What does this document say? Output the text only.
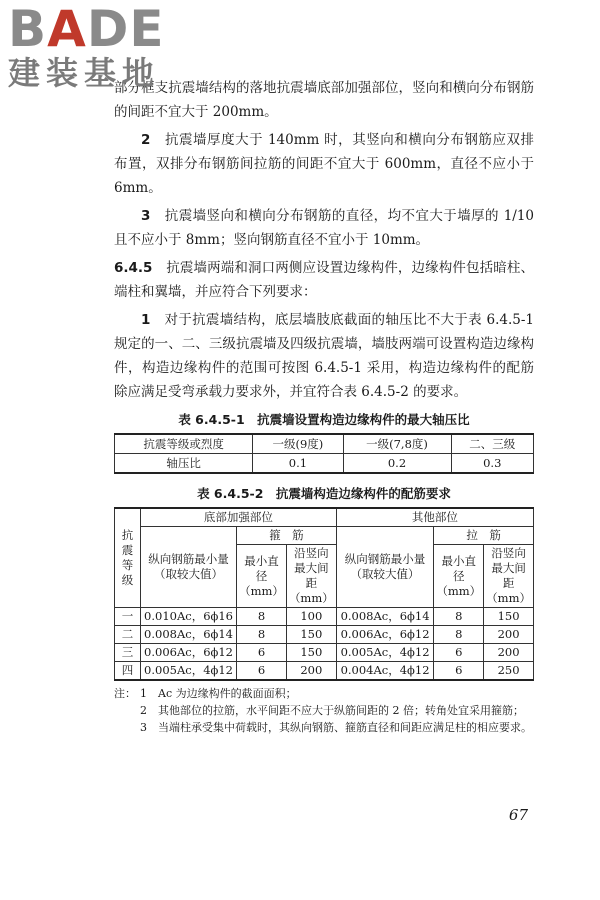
BADE
建装基地

部分框支抗震墙结构的落地抗震墙底部加强部位，竖向和横向分布钢筋的间距不宜大于 200mm。

2　 抗震墙厚度大于 140mm 时，其竖向和横向分布钢筋应双排布置，双排分布钢筋间拉筋的间距不宜大于 600mm，直径不应小于 6mm。

3　 抗震墙竖向和横向分布钢筋的直径，均不宜大于墙厚的 1/10 且不应小于 8mm；竖向钢筋直径不宜小于 10mm。

6.4.5　 抗震墙两端和洞口两侧应设置边缘构件，边缘构件包括暗柱、端柱和翼墙，并应符合下列要求：

1　 对于抗震墙结构，底层墙肢底截面的轴压比不大于表 6.4.5-1 规定的一、二、三级抗震墙及四级抗震墙，墙肢两端可设置构造边缘构件，构造边缘构件的范围可按图 6.4.5-1 采用，构造边缘构件的配筋除应满足受弯承载力要求外，并宜符合表 6.4.5-2 的要求。

表 6.4.5-1　抗震墙设置构造边缘构件的最大轴压比
抗震等级或烈度	一级(9度)	一级(7,8度)	二、三级
轴压比	0.1	0.2	0.3
表 6.4.5-2　抗震墙构造边缘构件的配筋要求
抗震等级	底部加强部位			其他部位		
	纵向钢筋最小量（取较大值）	箍　筋		纵向钢筋最小量（取较大值）	拉　筋	
		最小直径（mm）	沿竖向最大间距（mm）		最小直径（mm）	沿竖向最大间距（mm）
一	0.010Ac，6ϕ16	8	100	0.008Ac，6ϕ14	8	150
二	0.008Ac，6ϕ14	8	150	0.006Ac，6ϕ12	8	200
三	0.006Ac，6ϕ12	6	150	0.005Ac，4ϕ12	6	200
四	0.005Ac，4ϕ12	6	200	0.004Ac，4ϕ12	6	250
注： 1	Ac 为边缘构件的截面面积；
2	其他部位的拉筋，水平间距不应大于纵筋间距的 2 倍；转角处宜采用箍筋；
3	当端柱承受集中荷载时，其纵向钢筋、箍筋直径和间距应满足柱的相应要求。
67
